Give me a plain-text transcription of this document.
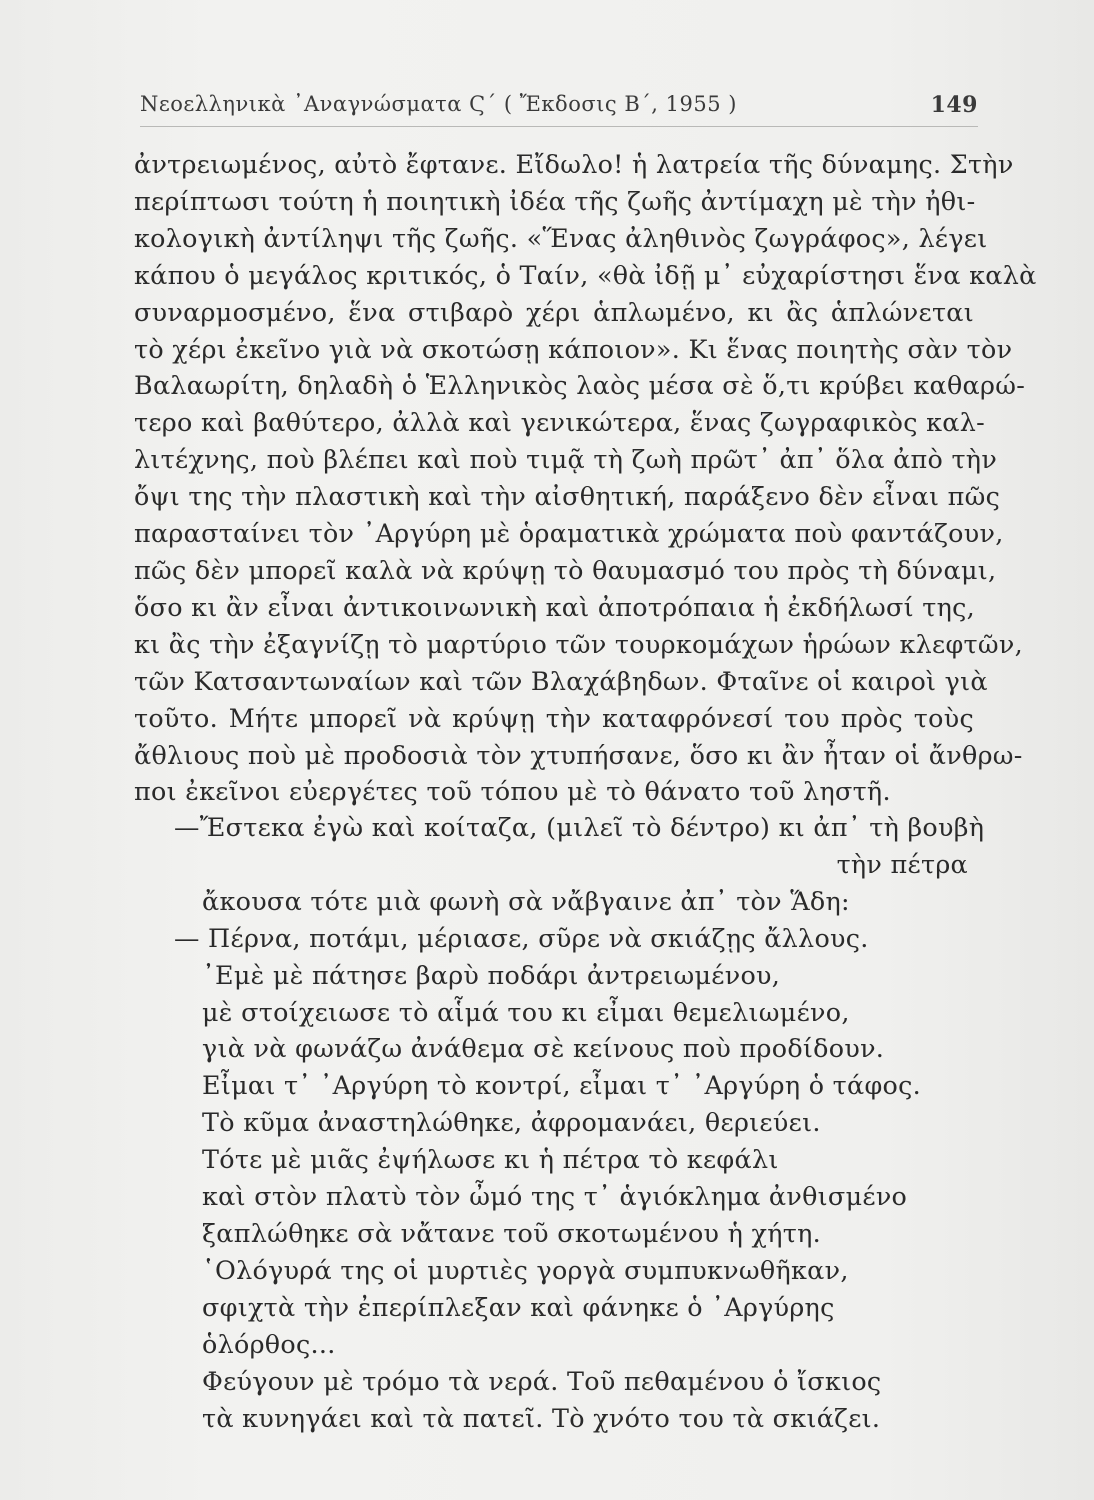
Νεοελληνικὰ ᾿Αναγνώσματα Ϛ΄ ( Ἔκδοσις Β΄, 1955 )	149
ἀντρειωμένος, αὐτὸ ἔφτανε. Εἴδωλο! ἡ λατρεία τῆς δύναμης. Στὴν
περίπτωσι τούτη ἡ ποιητικὴ ἰδέα τῆς ζωῆς ἀντίμαχη μὲ τὴν ἠθι-
κολογικὴ ἀντίληψι τῆς ζωῆς. «Ἕνας ἀληθινὸς ζωγράφος», λέγει
κάπου ὁ μεγάλος κριτικός, ὁ Ταίν, «θὰ ἰδῇ μ᾿ εὐχαρίστησι ἕνα καλὰ
συναρμοσμένο, ἕνα στιβαρὸ χέρι ἁπλωμένο, κι ἂς ἁπλώνεται
τὸ χέρι ἐκεῖνο γιὰ νὰ σκοτώσῃ κάποιον». Κι ἕνας ποιητὴς σὰν τὸν
Βαλαωρίτη, δηλαδὴ ὁ Ἑλληνικὸς λαὸς μέσα σὲ ὅ,τι κρύβει καθαρώ-
τερο καὶ βαθύτερο, ἀλλὰ καὶ γενικώτερα, ἕνας ζωγραφικὸς καλ-
λιτέχνης, ποὺ βλέπει καὶ ποὺ τιμᾷ τὴ ζωὴ πρῶτ᾿ ἀπ᾿ ὅλα ἀπὸ τὴν
ὄψι της τὴν πλαστικὴ καὶ τὴν αἰσθητική, παράξενο δὲν εἶναι πῶς
παρασταίνει τὸν ᾿Αργύρη μὲ ὁραματικὰ χρώματα ποὺ φαντάζουν,
πῶς δὲν μπορεῖ καλὰ νὰ κρύψῃ τὸ θαυμασμό του πρὸς τὴ δύναμι,
ὅσο κι ἂν εἶναι ἀντικοινωνικὴ καὶ ἀποτρόπαια ἡ ἐκδήλωσί της,
κι ἂς τὴν ἐξαγνίζῃ τὸ μαρτύριο τῶν τουρκομάχων ἡρώων κλεφτῶν,
τῶν Κατσαντωναίων καὶ τῶν Βλαχάβηδων. Φταῖνε οἱ καιροὶ γιὰ
τοῦτο. Μήτε μπορεῖ νὰ κρύψῃ τὴν καταφρόνεσί του πρὸς τοὺς
ἄθλιους ποὺ μὲ προδοσιὰ τὸν χτυπήσανε, ὅσο κι ἂν ἦταν οἱ ἄνθρω-
ποι ἐκεῖνοι εὐεργέτες τοῦ τόπου μὲ τὸ θάνατο τοῦ ληστῆ.
—Ἔστεκα ἐγὼ καὶ κοίταζα, (μιλεῖ τὸ δέντρο) κι ἀπ᾿ τὴ βουβὴ
τὴν πέτρα
ἄκουσα τότε μιὰ φωνὴ σὰ νἄβγαινε ἀπ᾿ τὸν Ἅδη:
— Πέρνα, ποτάμι, μέριασε, σῦρε νὰ σκιάζῃς ἄλλους.
᾿Εμὲ μὲ πάτησε βαρὺ ποδάρι ἀντρειωμένου,
μὲ στοίχειωσε τὸ αἷμά του κι εἶμαι θεμελιωμένο,
γιὰ νὰ φωνάζω ἀνάθεμα σὲ κείνους ποὺ προδίδουν.
Εἶμαι τ᾿ ᾿Αργύρη τὸ κοντρί, εἶμαι τ᾿ ᾿Αργύρη ὁ τάφος.
Τὸ κῦμα ἀναστηλώθηκε, ἀφρομανάει, θεριεύει.
Τότε μὲ μιᾶς ἐψήλωσε κι ἡ πέτρα τὸ κεφάλι
καὶ στὸν πλατὺ τὸν ὦμό της τ᾿ ἁγιόκλημα ἀνθισμένο
ξαπλώθηκε σὰ νἄτανε τοῦ σκοτωμένου ἡ χήτη.
῾Ολόγυρά της οἱ μυρτιὲς γοργὰ συμπυκνωθῆκαν,
σφιχτὰ τὴν ἐπερίπλεξαν καὶ φάνηκε ὁ ᾿Αργύρης
ὁλόρθος...
Φεύγουν μὲ τρόμο τὰ νερά. Τοῦ πεθαμένου ὁ ἴσκιος
τὰ κυνηγάει καὶ τὰ πατεῖ. Τὸ χνότο του τὰ σκιάζει.
